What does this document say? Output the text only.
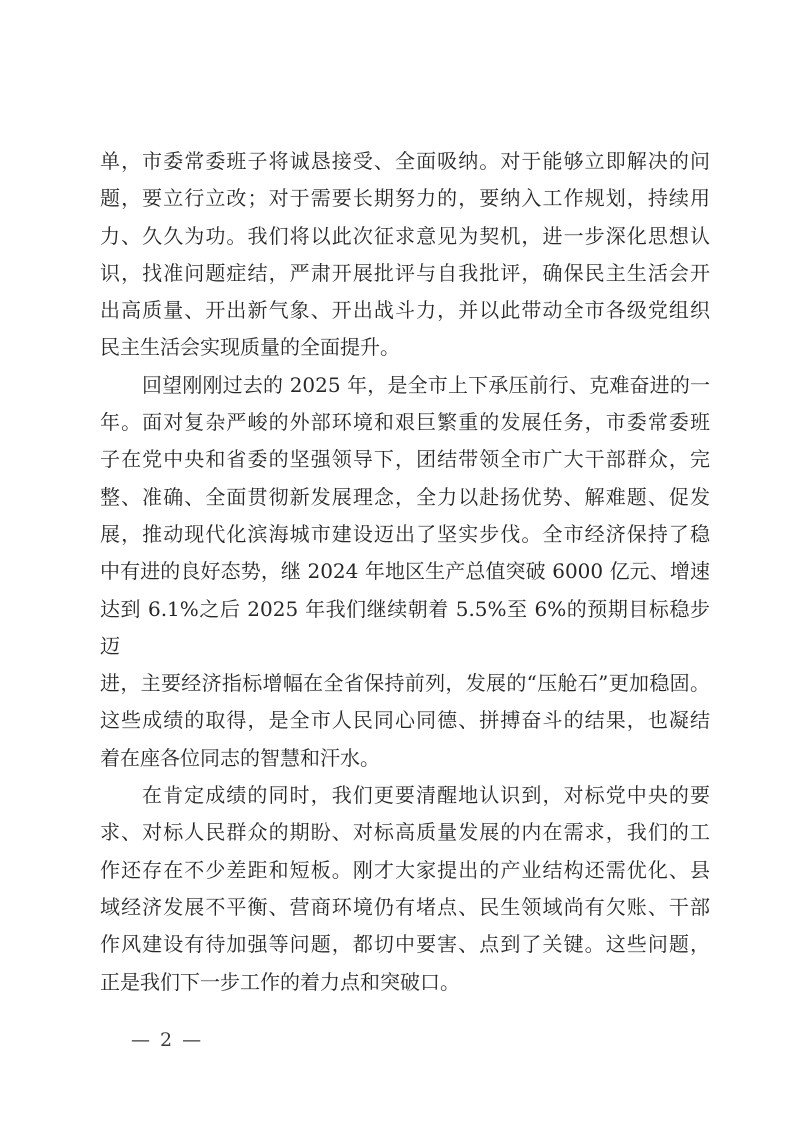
单，市委常委班子将诚恳接受、全面吸纳。对于能够立即解决的问
题，要立行立改；对于需要长期努力的，要纳入工作规划，持续用
力、久久为功。我们将以此次征求意见为契机，进一步深化思想认
识，找准问题症结，严肃开展批评与自我批评，确保民主生活会开
出高质量、开出新气象、开出战斗力，并以此带动全市各级党组织
民主生活会实现质量的全面提升。
回望刚刚过去的 2025 年，是全市上下承压前行、克难奋进的一
年。面对复杂严峻的外部环境和艰巨繁重的发展任务，市委常委班
子在党中央和省委的坚强领导下，团结带领全市广大干部群众，完
整、准确、全面贯彻新发展理念，全力以赴扬优势、解难题、促发
展，推动现代化滨海城市建设迈出了坚实步伐。全市经济保持了稳
中有进的良好态势，继 2024 年地区生产总值突破 6000 亿元、增速
达到 6.1%之后 2025 年我们继续朝着 5.5%至 6%的预期目标稳步迈
进，主要经济指标增幅在全省保持前列，发展的“压舱石”更加稳固。
这些成绩的取得，是全市人民同心同德、拼搏奋斗的结果，也凝结
着在座各位同志的智慧和汗水。
在肯定成绩的同时，我们更要清醒地认识到，对标党中央的要
求、对标人民群众的期盼、对标高质量发展的内在需求，我们的工
作还存在不少差距和短板。刚才大家提出的产业结构还需优化、县
域经济发展不平衡、营商环境仍有堵点、民生领域尚有欠账、干部
作风建设有待加强等问题，都切中要害、点到了关键。这些问题，
正是我们下一步工作的着力点和突破口。
— 2 —
